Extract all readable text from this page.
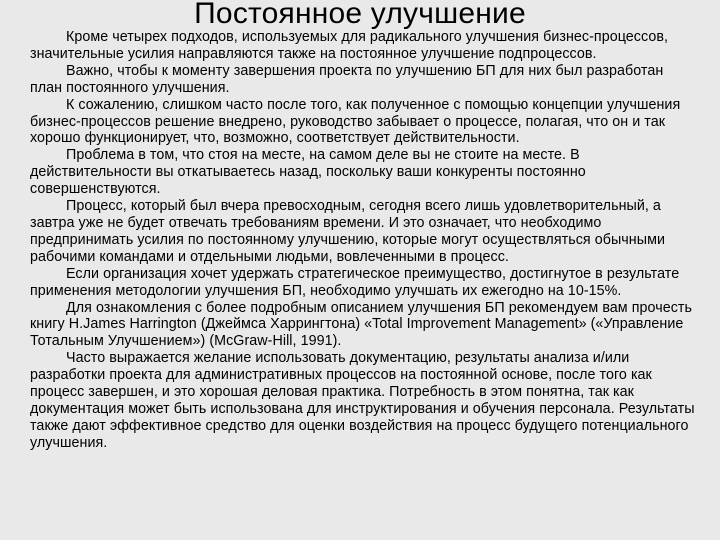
Постоянное улучшение

Кроме четырех подходов, используемых для радикального улучшения бизнес-процессов, значительные усилия направляются также на постоянное улучшение подпроцессов.

Важно, чтобы к моменту завершения проекта по улучшению БП для них был разработан план постоянного улучшения.

К сожалению, слишком часто после того, как полученное с помощью концепции улучшения бизнес-процессов решение внедрено, руководство забывает о процессе, полагая, что он и так хорошо функционирует, что, возможно, соответствует действительности.

Проблема в том, что стоя на месте, на самом деле вы не стоите на месте. В действительности вы откатываетесь назад, поскольку ваши конкуренты постоянно совершенствуются.

Процесс, который был вчера превосходным, сегодня всего лишь удовлетворительный, а завтра уже не будет отвечать требованиям времени. И это означает, что необходимо предпринимать усилия по постоянному улучшению, которые могут осуществляться обычными рабочими командами и отдельными людьми, вовлеченными в процесс.

Если организация хочет удержать стратегическое преимущество, достигнутое в результате применения методологии улучшения БП, необходимо улучшать их ежегодно на 10-15%.

Для ознакомления с более подробным описанием улучшения БП рекомендуем вам прочесть книгу H.James Harrington (Джеймса Харрингтона) «Total Improvement Management» («Управление Тотальным Улучшением») (McGraw-Hill, 1991).

Часто выражается желание использовать документацию, результаты анализа и/или разработки проекта для административных процессов на постоянной основе, после того как процесс завершен, и это хорошая деловая практика. Потребность в этом понятна, так как документация может быть использована для инструктирования и обучения персонала. Результаты также дают эффективное средство для оценки воздействия на процесс будущего потенциального улучшения.
